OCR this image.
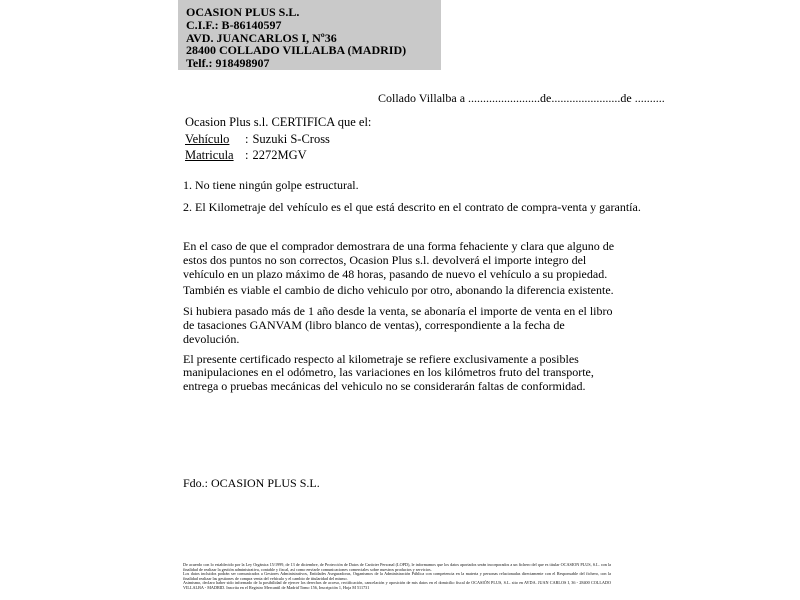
OCASION PLUS S.L.
C.I.F.: B-86140597
AVD. JUANCARLOS I, Nº36
28400 COLLADO VILLALBA (MADRID)
Telf.: 918498907
Collado Villalba a ........................de.......................de ..........
Ocasion Plus s.l. CERTIFICA que el:
Vehículo : Suzuki S-Cross
Matricula : 2272MGV
1. No tiene ningún golpe estructural.
2. El Kilometraje del vehículo es el que está descrito en el contrato de compra-venta y garantía.

En el caso de que el comprador demostrara de una forma fehaciente y clara que alguno de estos dos puntos no son correctos, Ocasion Plus s.l. devolverá el importe integro del vehículo en un plazo máximo de 48 horas, pasando de nuevo el vehículo a su propiedad.

También es viable el cambio de dicho vehiculo por otro, abonando la diferencia existente.

Si hubiera pasado más de 1 año desde la venta, se abonaría el importe de venta en el libro de tasaciones GANVAM (libro blanco de ventas), correspondiente a la fecha de devolución.

El presente certificado respecto al kilometraje se refiere exclusivamente a posibles manipulaciones en el odómetro, las variaciones en los kilómetros fruto del transporte, entrega o pruebas mecánicas del vehiculo no se considerarán faltas de conformidad.

Fdo.: OCASION PLUS S.L.

De acuerdo con lo establecido por la Ley Orgánica 15/1999, de 13 de diciembre, de Protección de Datos de Carácter Personal (LOPD), le informamos que los datos aportados serán incorporados a un fichero del que es titular OCASION PLUS, S.L. con la finalidad de realizar la gestión administrativa, contable y fiscal, así como enviarle comunicaciones comerciales sobre nuestros productos y servicios.

Los datos incluidos podrán ser comunicados a Gestores Administrativos, Entidades Aseguradoras, Organismos de la Administración Pública con competencia en la materia y personas relacionadas directamente con el Responsable del fichero, con la finalidad realizar las gestiones de compra venta del vehículo y el cambio de titularidad del mismo.

Asimismo, declaro haber sido informado de la posibilidad de ejercer los derechos de acceso, rectificación, cancelación y oposición de mis datos en el domicilio fiscal de OCASIÓN PLUS, S.L. sito en AVDA. JUAN CARLOS I, 36 - 28400 COLLADO VILLALBA - MADRID. Inscrita en el Registro Mercantil de Madrid Tomo 156, Inscripción 1, Hoja M 511731
